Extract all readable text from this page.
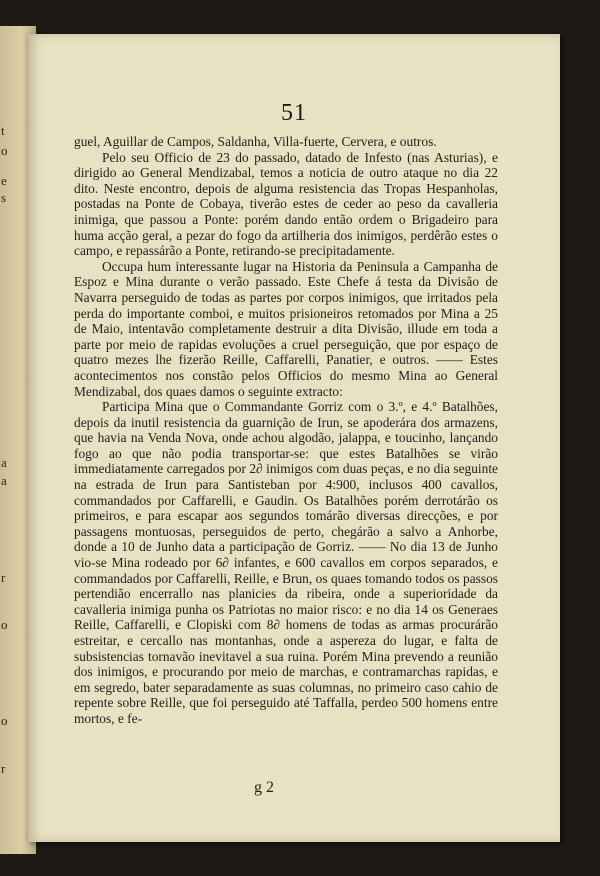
t
o
e
s
a
a
r
o
o
r
51

guel, Aguillar de Campos, Saldanha, Villa-fuerte, Cervera, e outros.

Pelo seu Officio de 23 do passado, datado de Infesto (nas Asturias), e dirigido ao General Mendizabal, temos a noticia de outro ataque no dia 22 dito. Neste encontro, depois de alguma resistencia das Tropas Hespanholas, postadas na Ponte de Cobaya, tiverão estes de ceder ao peso da cavalleria inimiga, que passou a Ponte: porém dando então ordem o Brigadeiro para huma acção geral, a pezar do fogo da artilheria dos inimigos, perdêrão estes o campo, e repassárão a Ponte, retirando-se precipitadamente.

Occupa hum interessante lugar na Historia da Peninsula a Campanha de Espoz e Mina durante o verão passado. Este Chefe á testa da Divisão de Navarra perseguido de todas as partes por corpos inimigos, que irritados pela perda do importante comboi, e muitos prisioneiros retomados por Mina a 25 de Maio, intentavão completamente destruir a dita Divisão, illude em toda a parte por meio de rapidas evoluções a cruel perseguição, que por espaço de quatro mezes lhe fizerão Reille, Caffarelli, Panatier, e outros. —— Estes acontecimentos nos constão pelos Officios do mesmo Mina ao General Mendizabal, dos quaes damos o seguinte extracto:

Participa Mina que o Commandante Gorriz com o 3.º, e 4.º Batalhões, depois da inutil resistencia da guarnição de Irun, se apoderára dos armazens, que havia na Venda Nova, onde achou algodão, jalappa, e toucinho, lançando fogo ao que não podia transportar-se: que estes Batalhões se virão immediatamente carregados por 2∂ inimigos com duas peças, e no dia seguinte na estrada de Irun para Santisteban por 4:900, inclusos 400 cavallos, commandados por Caffarelli, e Gaudin. Os Batalhões porém derrotárão os primeiros, e para escapar aos segundos tomárão diversas direcções, e por passagens montuosas, perseguidos de perto, chegárão a salvo a Anhorbe, donde a 10 de Junho data a participação de Gorriz. —— No dia 13 de Junho vio-se Mina rodeado por 6∂ infantes, e 600 cavallos em corpos separados, e commandados por Caffarelli, Reille, e Brun, os quaes tomando todos os passos pertendião encerrallo nas planicies da ribeira, onde a superioridade da cavalleria inimiga punha os Patriotas no maior risco: e no dia 14 os Generaes Reille, Caffarelli, e Clopiski com 8∂ homens de todas as armas procurárão estreitar, e cercallo nas montanhas, onde a aspereza do lugar, e falta de subsistencias tornavão inevitavel a sua ruina. Porém Mina prevendo a reunião dos inimigos, e procurando por meio de marchas, e contramarchas rapidas, e em segredo, bater separadamente as suas columnas, no primeiro caso cahio de repente sobre Reille, que foi perseguido até Taffalla, perdeo 500 homens entre mortos, e fe-

g 2
